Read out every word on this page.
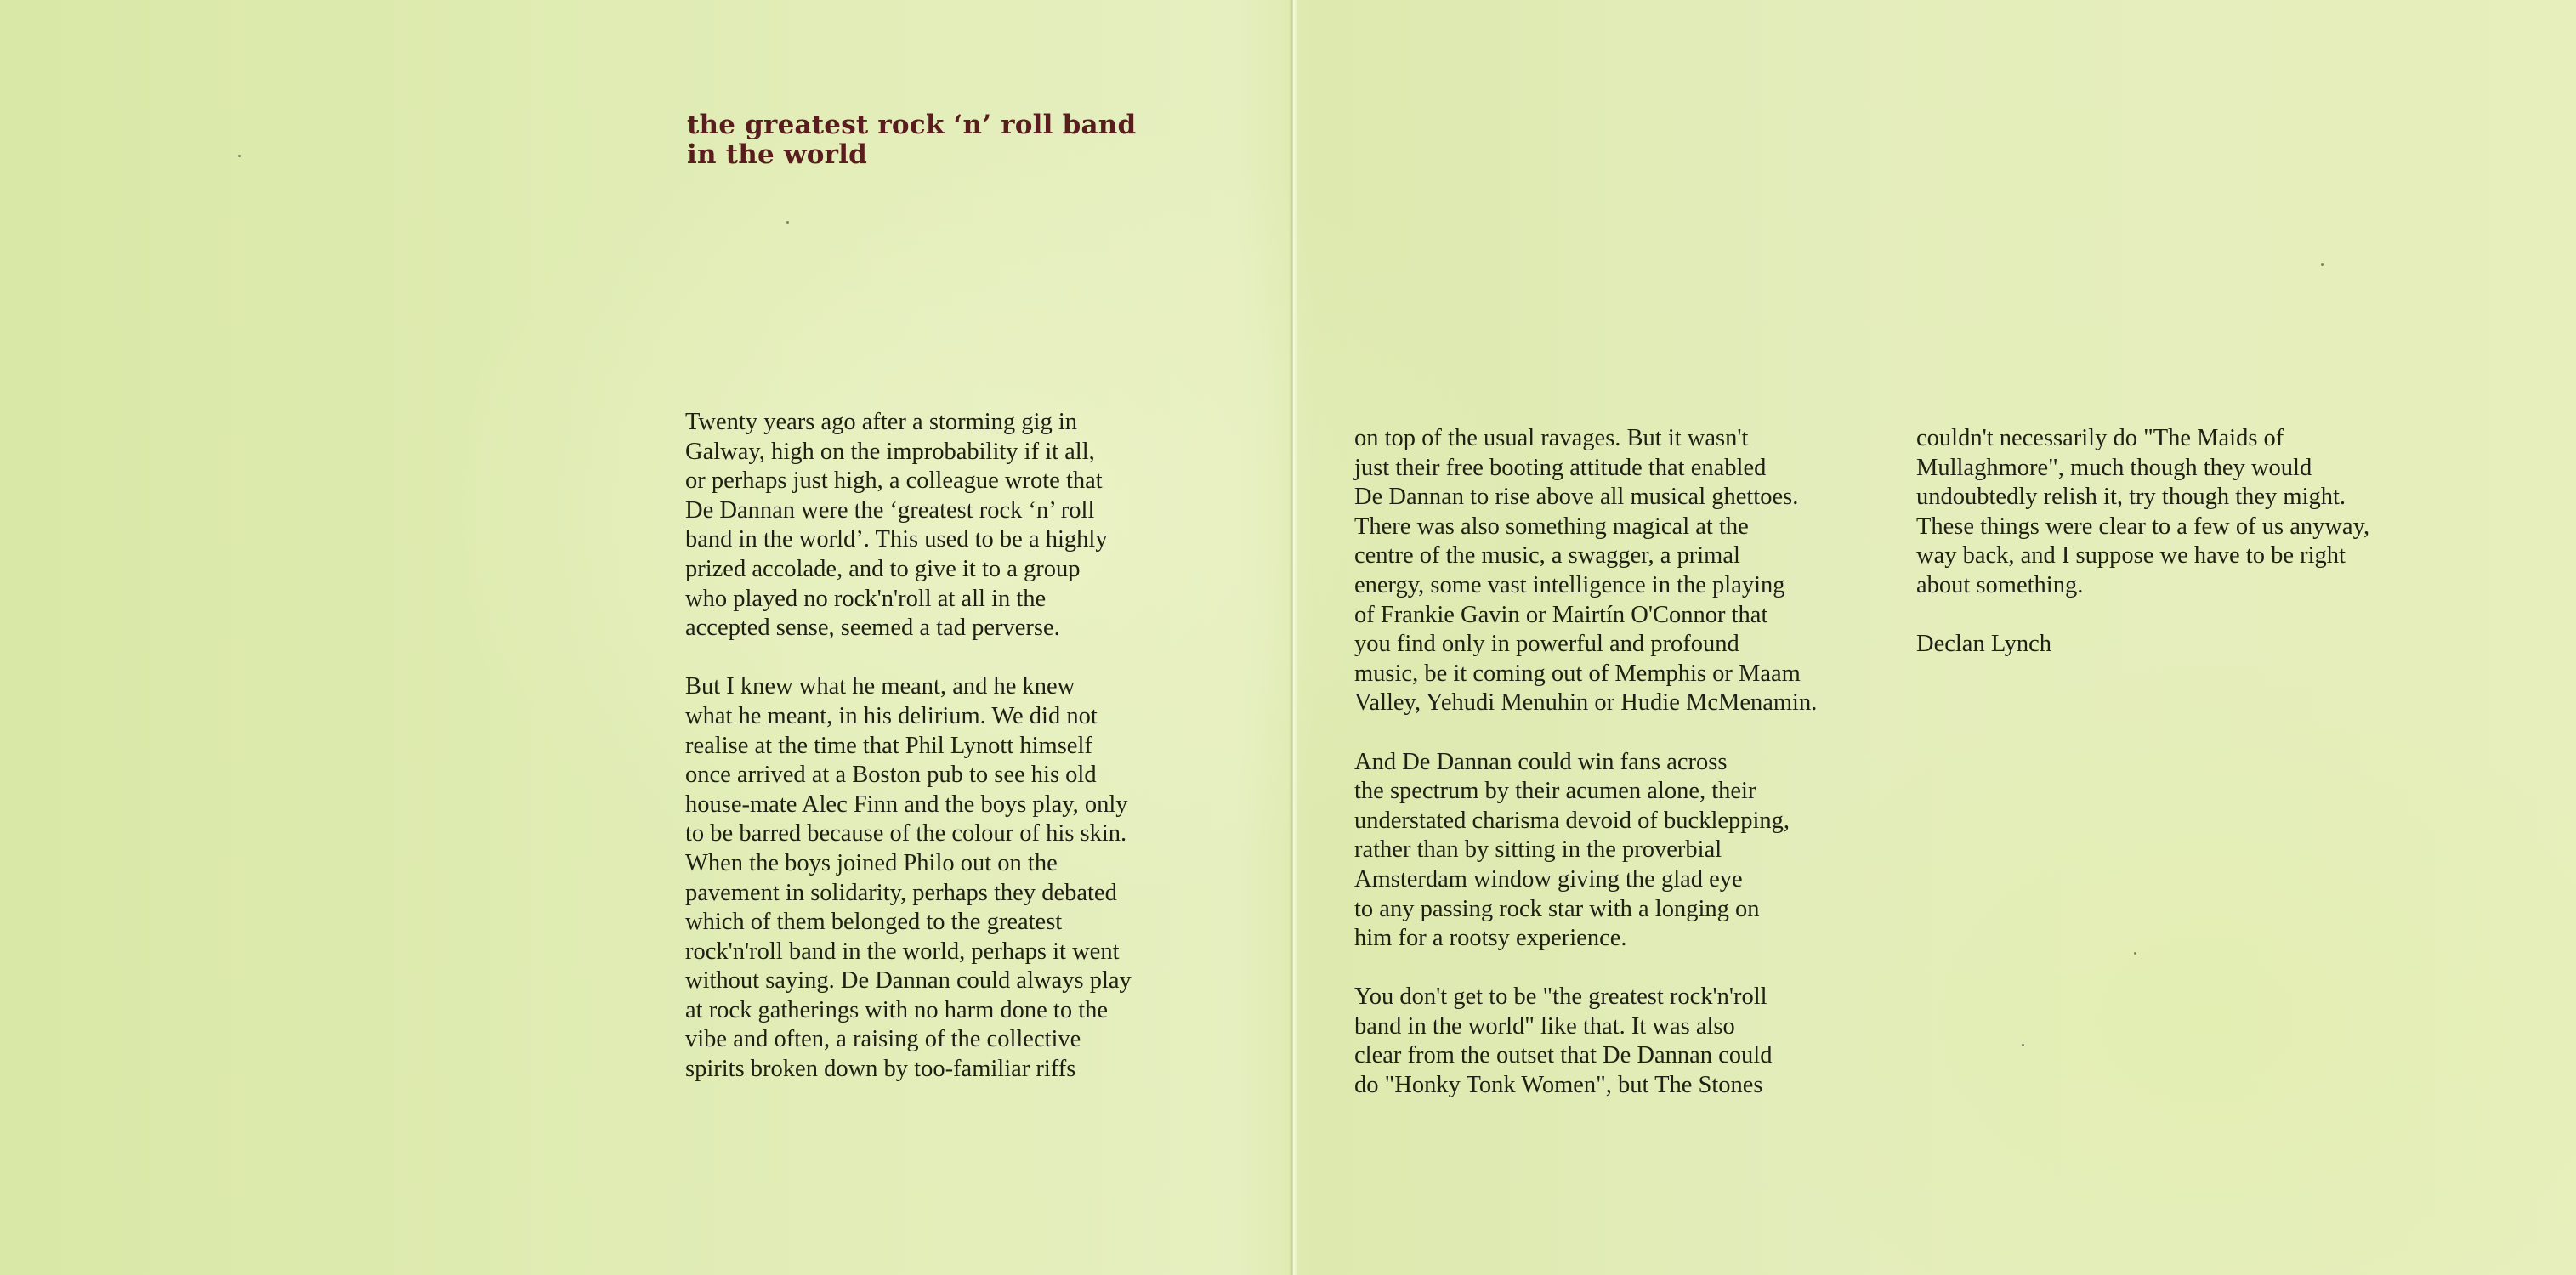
the greatest rock ‘n’ roll band
in the world

Twenty years ago after a storming gig in
Galway, high on the improbability if it all,
or perhaps just high, a colleague wrote that
De Dannan were the ‘greatest rock ‘n’ roll
band in the world’. This used to be a highly
prized accolade, and to give it to a group
who played no rock'n'roll at all in the
accepted sense, seemed a tad perverse.

But I knew what he meant, and he knew
what he meant, in his delirium. We did not
realise at the time that Phil Lynott himself
once arrived at a Boston pub to see his old
house-mate Alec Finn and the boys play, only
to be barred because of the colour of his skin.
When the boys joined Philo out on the
pavement in solidarity, perhaps they debated
which of them belonged to the greatest
rock'n'roll band in the world, perhaps it went
without saying. De Dannan could always play
at rock gatherings with no harm done to the
vibe and often, a raising of the collective
spirits broken down by too-familiar riffs

on top of the usual ravages. But it wasn't
just their free booting attitude that enabled
De Dannan to rise above all musical ghettoes.
There was also something magical at the
centre of the music, a swagger, a primal
energy, some vast intelligence in the playing
of Frankie Gavin or Mairtín O'Connor that
you find only in powerful and profound
music, be it coming out of Memphis or Maam
Valley, Yehudi Menuhin or Hudie McMenamin.

And De Dannan could win fans across
the spectrum by their acumen alone, their
understated charisma devoid of bucklepping,
rather than by sitting in the proverbial
Amsterdam window giving the glad eye
to any passing rock star with a longing on
him for a rootsy experience.

You don't get to be "the greatest rock'n'roll
band in the world" like that. It was also
clear from the outset that De Dannan could
do "Honky Tonk Women", but The Stones

couldn't necessarily do "The Maids of
Mullaghmore", much though they would
undoubtedly relish it, try though they might.
These things were clear to a few of us anyway,
way back, and I suppose we have to be right
about something.

Declan Lynch
